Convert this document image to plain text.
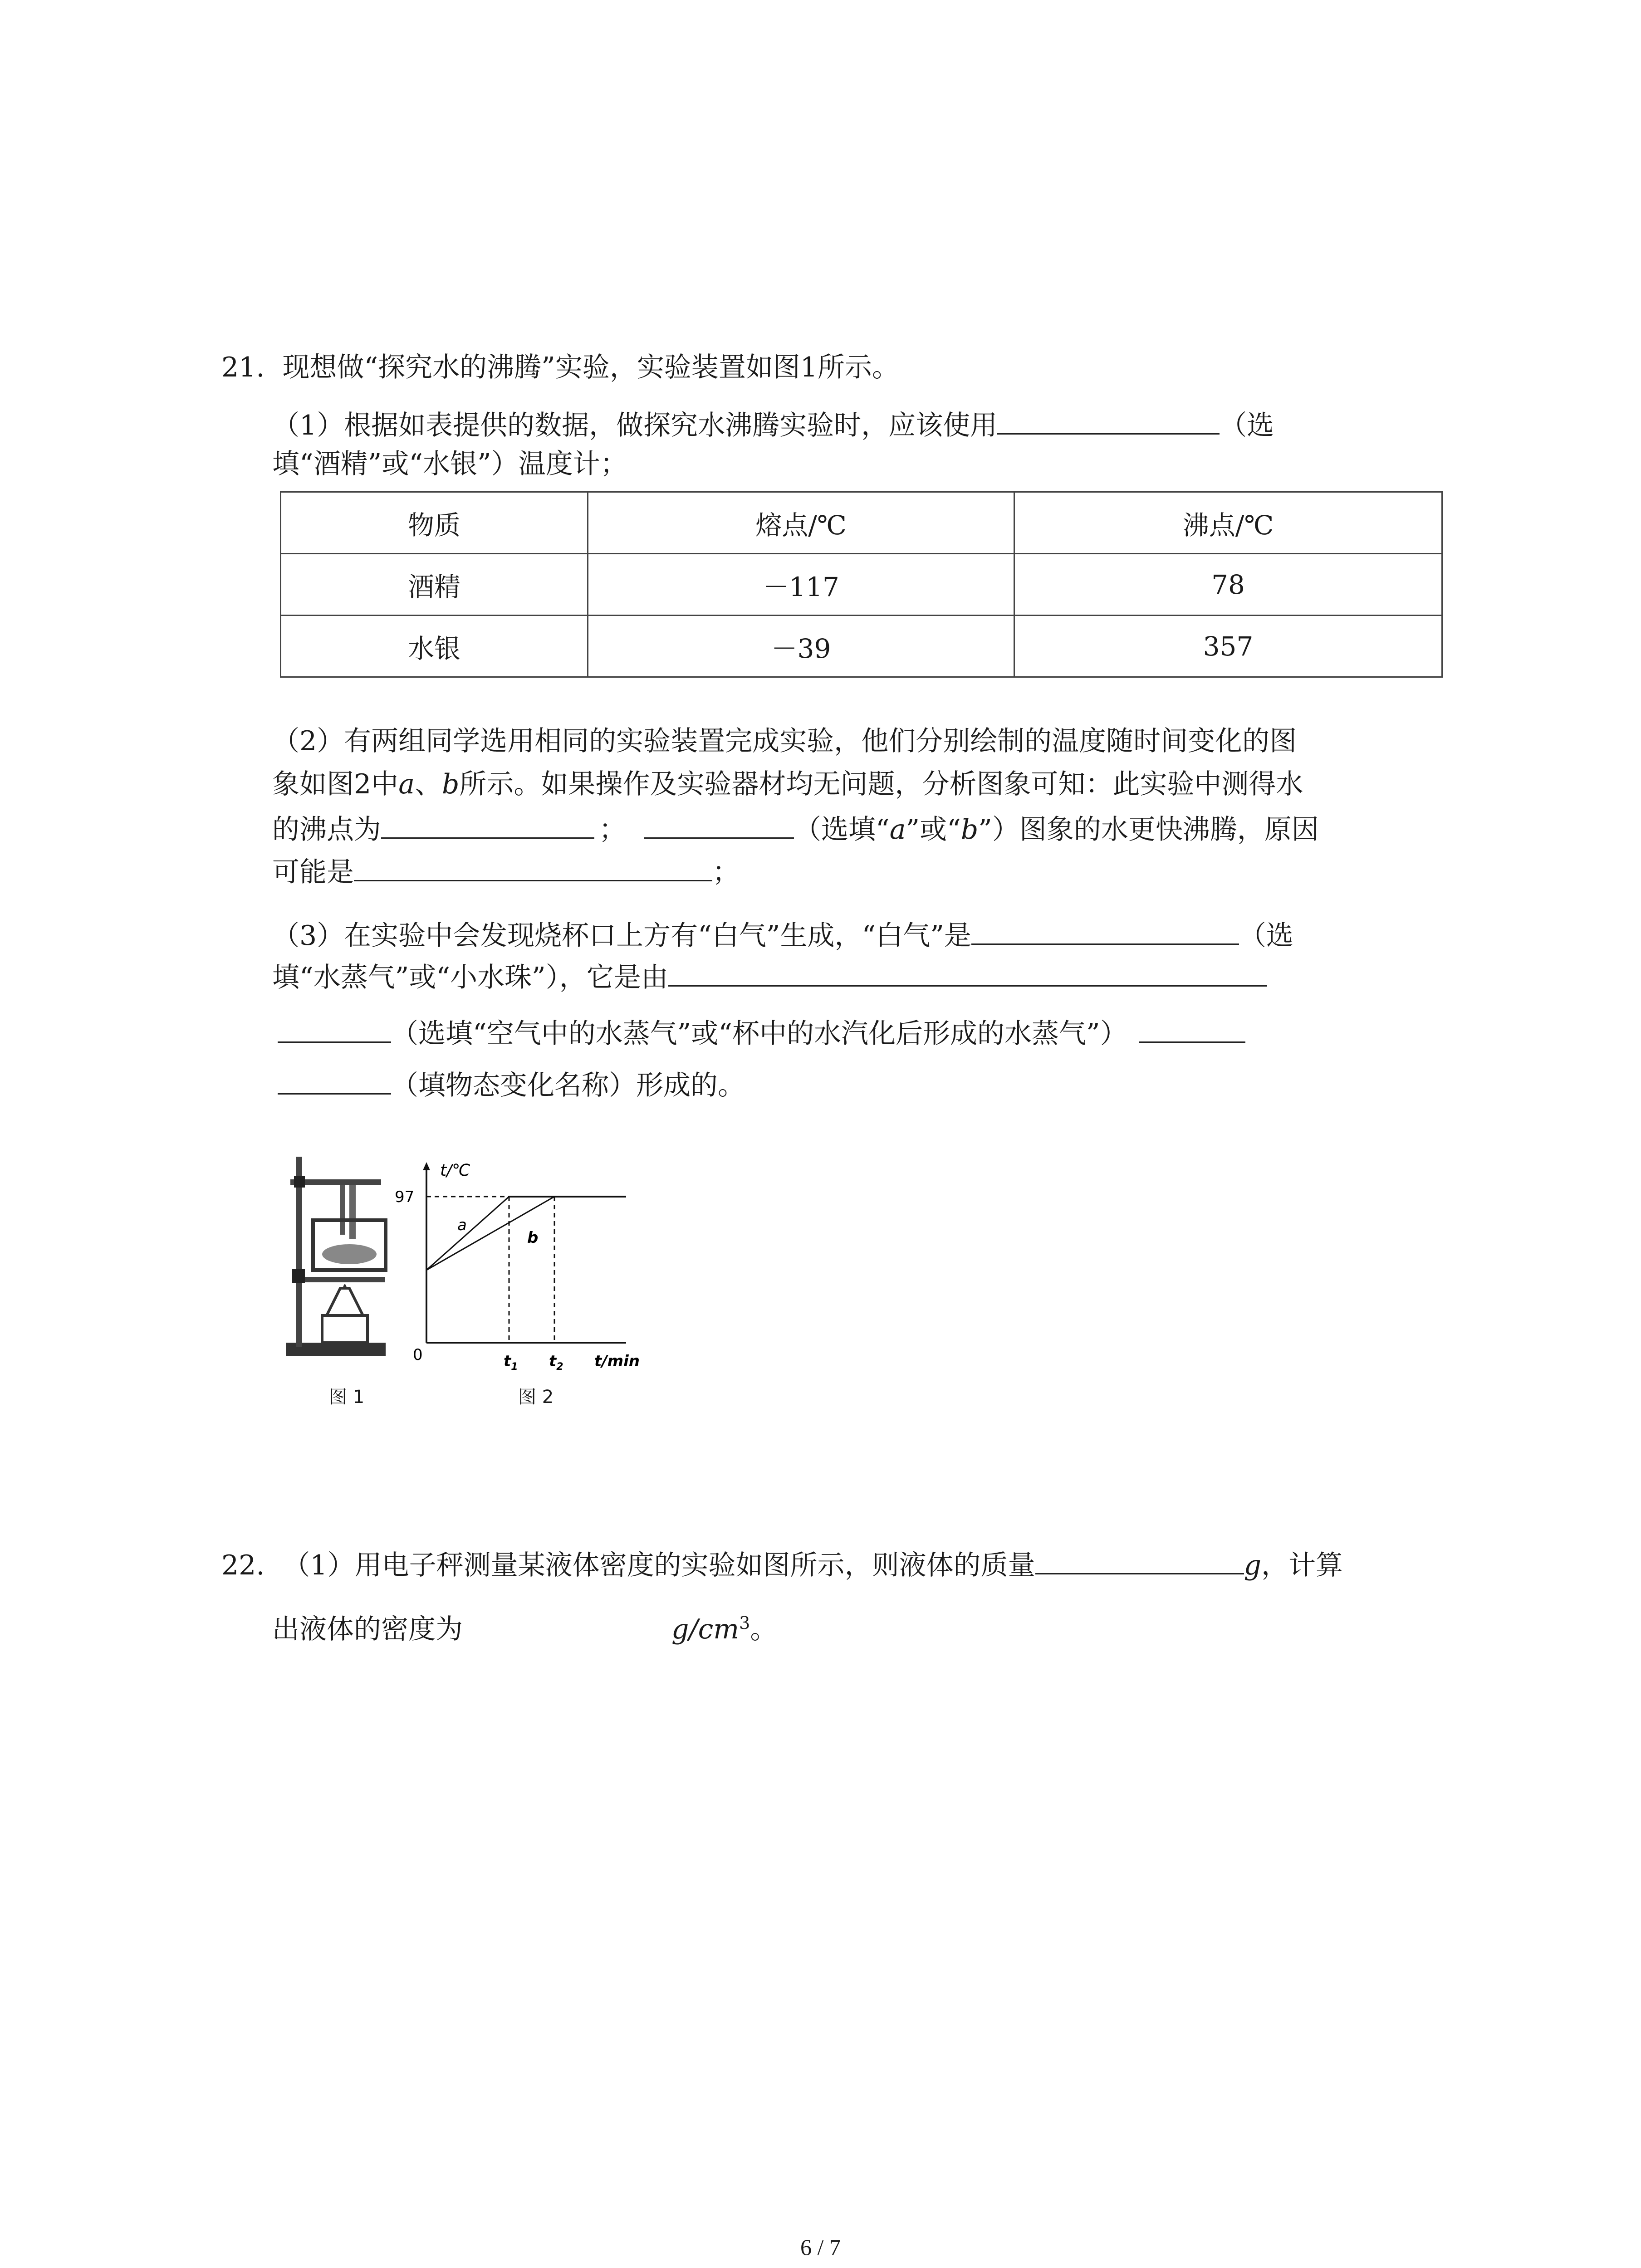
21. 现想做“探究水的沸腾”实验，实验装置如图1所示。
（1）根据如表提供的数据，做探究水沸腾实验时，应该使用	（选
填“酒精”或“水银”）温度计；
物质	熔点/℃	沸点/℃
酒精	－117	78
水银	－39	357
（2）有两组同学选用相同的实验装置完成实验，他们分别绘制的温度随时间变化的图
象如图2中a、b所示。如果操作及实验器材均无问题，分析图象可知：此实验中测得水
的沸点为	；	（选填“a”或“b”）图象的水更快沸腾，原因
可能是	；
（3）在实验中会发现烧杯口上方有“白气”生成，“白气”是	（选
填“水蒸气”或“小水珠”），它是由
（选填“空气中的水蒸气”或“杯中的水汽化后形成的水蒸气”）
（填物态变化名称）形成的。
图 1
t/℃
97
a
b
0	$t_1$ $t_2$ t/min
图 2
22. （1）用电子秤测量某液体密度的实验如图所示，则液体的质量	g，计算
出液体的密度为	$g/cm^3$。
6 / 7
